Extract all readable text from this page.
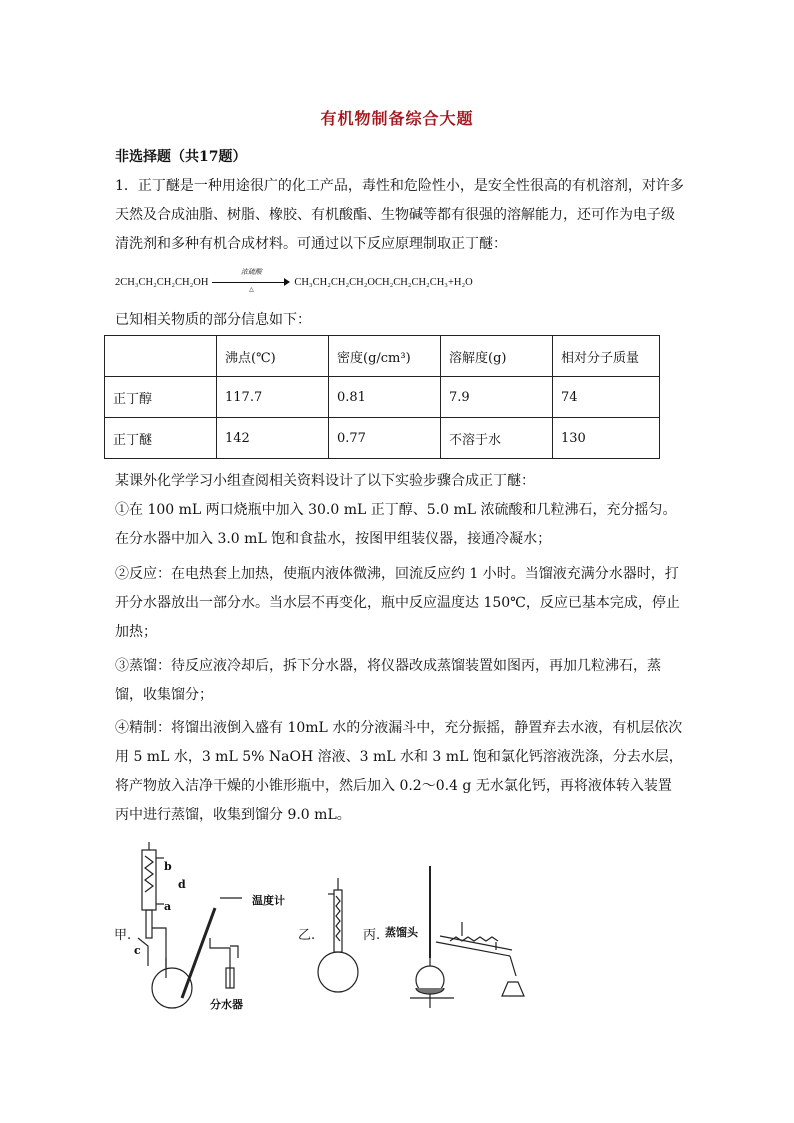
有机物制备综合大题
非选择题（共17题）
1．正丁醚是一种用途很广的化工产品，毒性和危险性小，是安全性很高的有机溶剂，对许多天然及合成油脂、树脂、橡胶、有机酸酯、生物碱等都有很强的溶解能力，还可作为电子级清洗剂和多种有机合成材料。可通过以下反应原理制取正丁醚：
2CH₃CH₂CH₂CH₂OH
浓硫酸
△
CH₃CH₂CH₂CH₂OCH₂CH₂CH₂CH₃+H₂O
已知相关物质的部分信息如下：
	沸点(℃)	密度(g/cm³)	溶解度(g)	相对分子质量
正丁醇	117.7	0.81	7.9	74
正丁醚	142	0.77	不溶于水	130
某课外化学学习小组查阅相关资料设计了以下实验步骤合成正丁醚：
①在 100 mL 两口烧瓶中加入 30.0 mL 正丁醇、5.0 mL 浓硫酸和几粒沸石，充分摇匀。在分水器中加入 3.0 mL 饱和食盐水，按图甲组装仪器，接通冷凝水；
②反应：在电热套上加热，使瓶内液体微沸，回流反应约 1 小时。当馏液充满分水器时，打开分水器放出一部分水。当水层不再变化，瓶中反应温度达 150℃，反应已基本完成，停止加热；
③蒸馏：待反应液冷却后，拆下分水器，将仪器改成蒸馏装置如图丙，再加几粒沸石，蒸馏，收集馏分；
④精制：将馏出液倒入盛有 10mL 水的分液漏斗中，充分振摇，静置弃去水液，有机层依次用 5 mL 水，3 mL 5% NaOH 溶液、3 mL 水和 3 mL 饱和氯化钙溶液洗涤，分去水层，将产物放入洁净干燥的小锥形瓶中，然后加入 0.2～0.4 g 无水氯化钙，再将液体转入装置丙中进行蒸馏，收集到馏分 9.0 mL。
甲.	乙.	丙.
温度计
分水器
蒸馏头
b
d
a
c
